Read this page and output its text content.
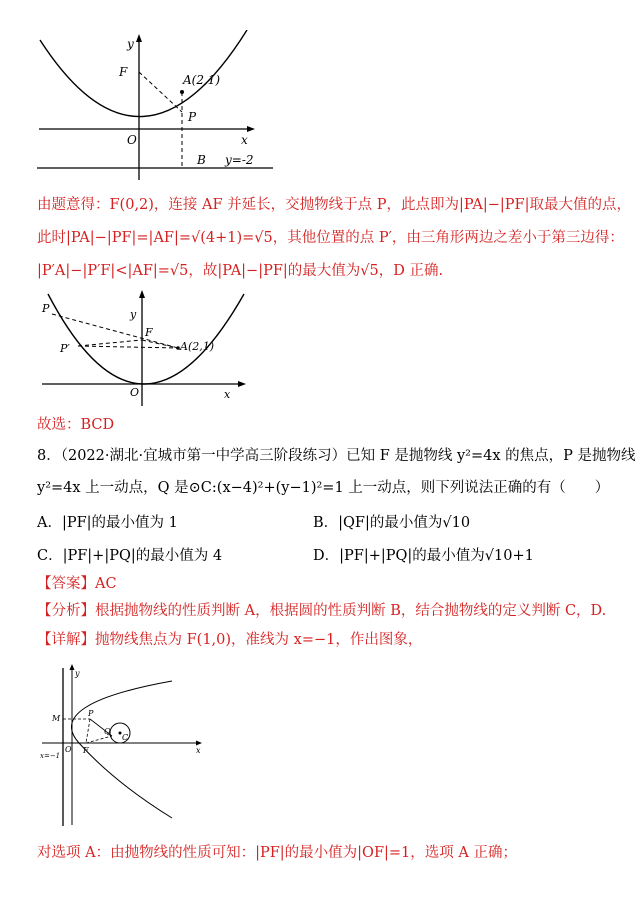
y
x
F
A(2,1)
P
O
B y=-2
由题意得：F(0,2)，连接 AF 并延长，交抛物线于点 P，此点即为|PA|−|PF|取最大值的点，
此时|PA|−|PF|=|AF|=√(4+1)=√5，其他位置的点 P′，由三角形两边之差小于第三边得：
|P′A|−|P′F|<|AF|=√5，故|PA|−|PF|的最大值为√5，D 正确.
P	y
F
A(2,1)
P′
O	x
故选：BCD
8．（2022·湖北·宜城市第一中学高三阶段练习）已知 F 是抛物线 y²=4x 的焦点，P 是抛物线
y²=4x 上一动点，Q 是⊙C:(x−4)²+(y−1)²=1 上一动点，则下列说法正确的有（　　）
A．|PF|的最小值为 1	B．|QF|的最小值为√10
C．|PF|+|PQ|的最小值为 4	D．|PF|+|PQ|的最小值为√10+1
【答案】AC
【分析】根据抛物线的性质判断 A，根据圆的性质判断 B，结合抛物线的定义判断 C，D.
【详解】抛物线焦点为 F(1,0)，准线为 x=−1，作出图象，
y
M
P
Q
C
O F	x
x=−1
对选项 A：由抛物线的性质可知：|PF|的最小值为|OF|=1，选项 A 正确；
